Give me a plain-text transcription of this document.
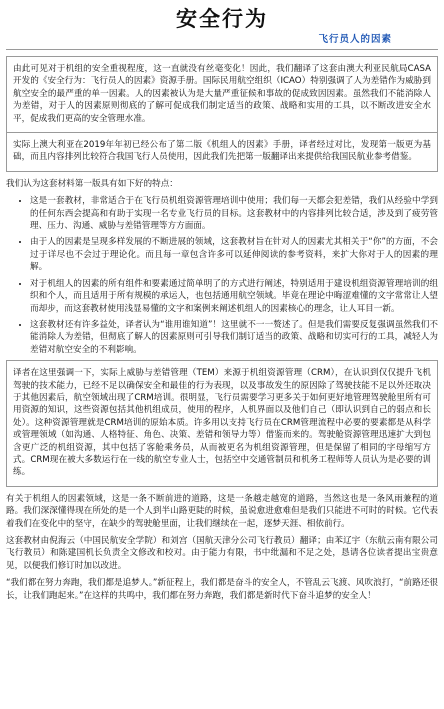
安全行为
飞行员人的因素

由此可见对于机组的安全重视程度，这一直就没有丝毫变化！因此，我们翻译了这套由澳大利亚民航局CASA开发的《安全行为：飞行员人的因素》资源手册。国际民用航空组织（ICAO）特别强调了人为差错作为威胁到航空安全的最严重的单一因素。人的因素被认为是大量严重征候和事故的促成致因因素。虽然我们不能消除人为差错，对于人的因素原则彻底的了解可促成我们制定适当的政策、战略和实用的工具，以不断改进安全水平，促成我们更高的安全管理水准。

实际上澳大利亚在2019年年初已经公布了第二版《机组人的因素》手册，译者经过对比，发现第一版更为基础，而且内容排列比较符合我国飞行人员使用，因此我们先把第一版翻译出来提供给我国民航业参考借鉴。

我们认为这套材料第一版具有如下好的特点：

• 这是一套教材，非常适合于在飞行员机组资源管理培训中使用；我们每一天都会犯差错，我们从经验中学到的任何东西会提高和有助于实现一名专业飞行员的目标。这套教材中的内容排列比较合适，涉及到了疲劳管理、压力、沟通、威胁与差错管理等方方面面。
• 由于人的因素是呈现多样发展的不断进展的领域，这套教材旨在针对人的因素尤其相关于“你”的方面，不会过于详尽也不会过于理论化。而且每一章包含许多可以延伸阅读的参考资料，来扩大你对于人的因素的理解。
• 对于机组人的因素的所有组件和要素通过简单明了的方式进行阐述，特别适用于建设机组资源管理培训的组织和个人，而且适用于所有规模的承运人，也包括通用航空领域。毕竟在理论中晦涩难懂的文字常常让人望而却步，而这套教材使用浅显易懂的文字和案例来阐述机组人的因素核心的理念，让人耳目一新。
• 这套教材还有许多益处，译者认为“谁用谁知道”！这里就不一一赘述了。但是我们需要反复强调虽然我们不能消除人为差错，但彻底了解人的因素原则可引导我们制订适当的政策、战略和切实可行的工具，减轻人为差错对航空安全的不利影响。

译者在这里强调一下，实际上威胁与差错管理（TEM）来源于机组资源管理（CRM），在认识到仅仅提升飞机驾驶的技术能力，已经不足以确保安全和最佳的行为表现，以及事故发生的原因除了驾驶技能不足以外还取决于其他因素后，航空领域出现了CRM培训。很明显，飞行员需要学习更多关于如何更好地管理驾驶舱里所有可用资源的知识，这些资源包括其他机组成员，使用的程序，人机界面以及他们自己（即认识到自己的弱点和长处）。这种资源管理就是CRM培训的原始本质。许多用以支持飞行员在CRM管理流程中必要的要素都是从科学或管理领域（如沟通、人格特征、角色、决策、差错和领导力等）借鉴而来的。驾驶舱资源管理迅速扩大到包含更广泛的机组资源，其中包括了客舱乘务员，从而被更名为机组资源管理，但是保留了相同的字母缩写方式。CRM现在被大多数运行在一线的航空专业人士，包括空中交通管制员和机务工程师等人员认为是必要的训练。

有关于机组人的因素领域，这是一条不断前进的道路，这是一条越走越宽的道路，当然这也是一条风雨兼程的道路。我们深深懂得现在所处的是一个人到半山路更陡的时候，虽说愈进愈难但是我们只能进不可时的时候。它代表着我们在变化中的坚守，在缺少的驾驶舱里面，让我们继续在一起，逐梦天涯、相依前行。

这套教材由倪海云（中国民航安全学院）和刘宫（国航天津分公司飞行教员）翻译；由苯辽宇（东航云南有限公司飞行教员）和陈建国机长负责全文修改和校对。由于能力有限，书中纰漏和不足之处，恳请各位读者提出宝贵意见，以便我们修订时加以改进。

“我们都在努力奔跑，我们都是追梦人。”新征程上，我们都是奋斗的安全人，不管乱云飞渡、风吹浪打，“前路还很长，让我们跑起来。”在这样的共鸣中，我们都在努力奔跑，我们都是新时代下奋斗追梦的安全人！
